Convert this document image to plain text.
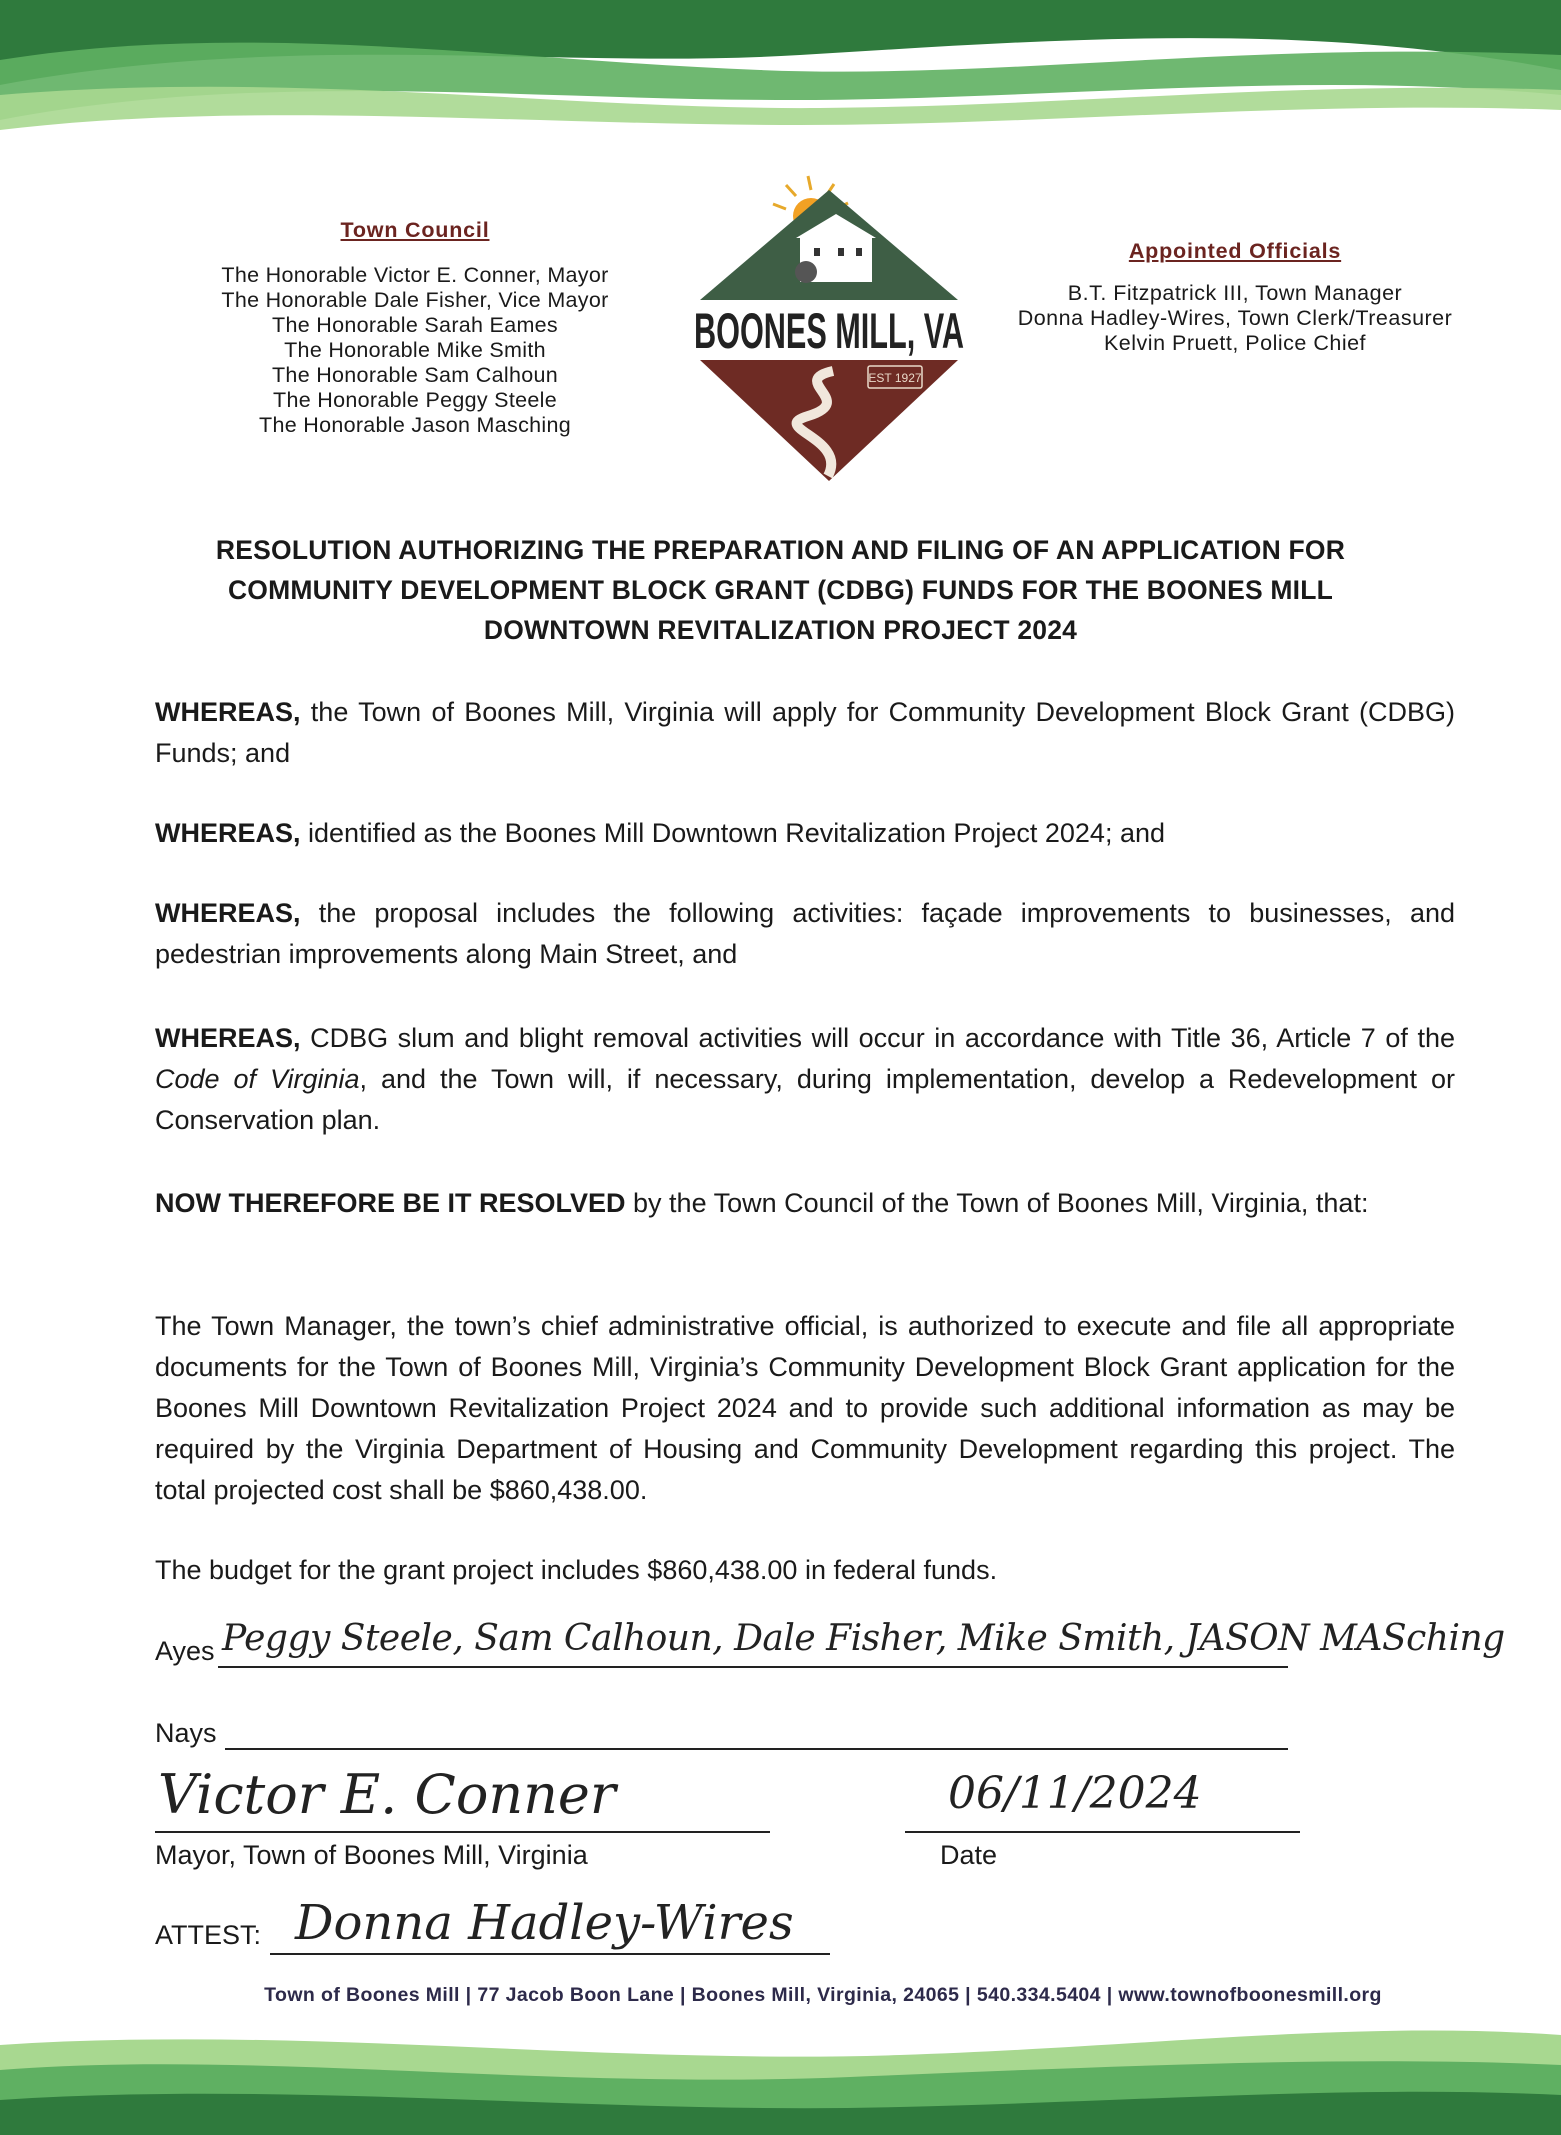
Town Council
The Honorable Victor E. Conner, Mayor
The Honorable Dale Fisher, Vice Mayor
The Honorable Sarah Eames
The Honorable Mike Smith
The Honorable Sam Calhoun
The Honorable Peggy Steele
The Honorable Jason Masching
BOONES MILL, VA
EST 1927
Appointed Officials
B.T. Fitzpatrick III, Town Manager
Donna Hadley-Wires, Town Clerk/Treasurer
Kelvin Pruett, Police Chief
RESOLUTION AUTHORIZING THE PREPARATION AND FILING OF AN APPLICATION FOR
COMMUNITY DEVELOPMENT BLOCK GRANT (CDBG) FUNDS FOR THE BOONES MILL
DOWNTOWN REVITALIZATION PROJECT 2024
WHEREAS, the Town of Boones Mill, Virginia will apply for Community Development Block Grant (CDBG) Funds; and
WHEREAS, identified as the Boones Mill Downtown Revitalization Project 2024; and
WHEREAS, the proposal includes the following activities: façade improvements to businesses, and pedestrian improvements along Main Street, and
WHEREAS, CDBG slum and blight removal activities will occur in accordance with Title 36, Article 7 of the Code of Virginia, and the Town will, if necessary, during implementation, develop a Redevelopment or Conservation plan.
NOW THEREFORE BE IT RESOLVED by the Town Council of the Town of Boones Mill, Virginia, that:
The Town Manager, the town’s chief administrative official, is authorized to execute and file all appropriate documents for the Town of Boones Mill, Virginia’s Community Development Block Grant application for the Boones Mill Downtown Revitalization Project 2024 and to provide such additional information as may be required by the Virginia Department of Housing and Community Development regarding this project. The total projected cost shall be $860,438.00.
The budget for the grant project includes $860,438.00 in federal funds.
Ayes Peggy Steele, Sam Calhoun, Dale Fisher, Mike Smith, JASON MASching
Nays
Victor E. Conner
Mayor, Town of Boones Mill, Virginia
06/11/2024
Date
ATTEST: Donna Hadley-Wires
Town of Boones Mill | 77 Jacob Boon Lane | Boones Mill, Virginia, 24065 | 540.334.5404 | www.townofboonesmill.org
